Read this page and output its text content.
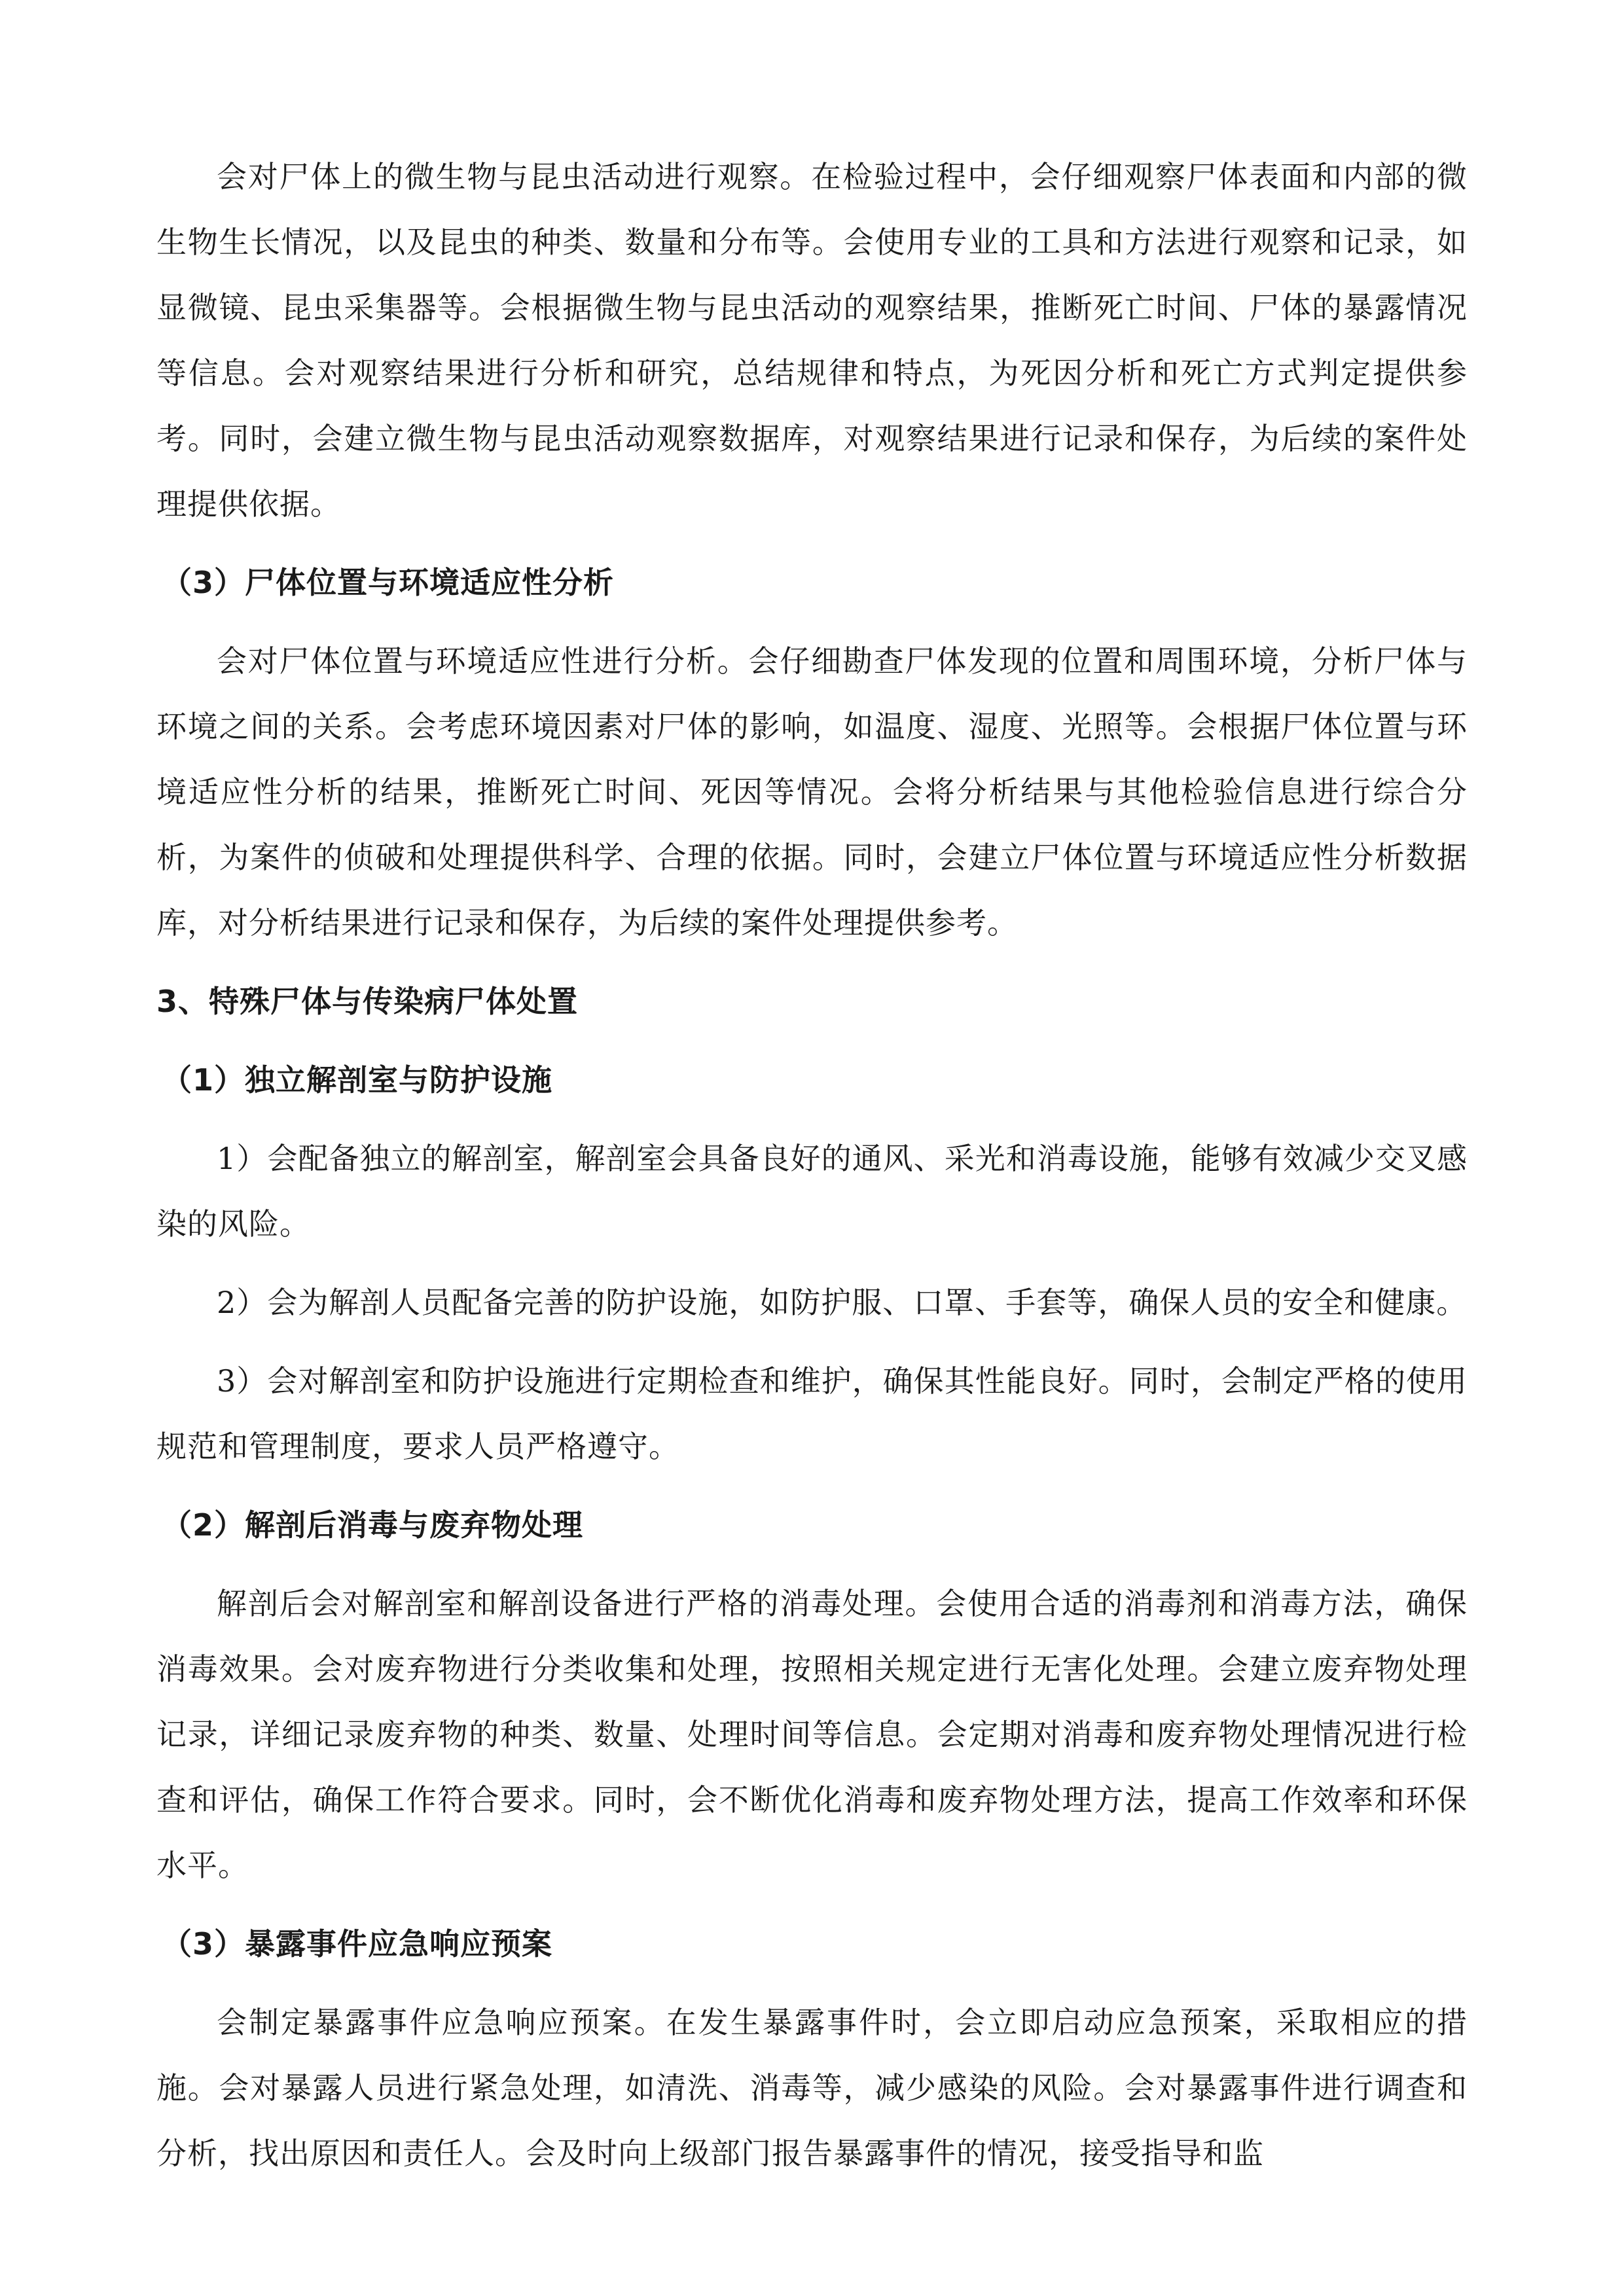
会对尸体上的微生物与昆虫活动进行观察。在检验过程中，会仔细观察尸体表面和内部的微生物生长情况，以及昆虫的种类、数量和分布等。会使用专业的工具和方法进行观察和记录，如显微镜、昆虫采集器等。会根据微生物与昆虫活动的观察结果，推断死亡时间、尸体的暴露情况等信息。会对观察结果进行分析和研究，总结规律和特点，为死因分析和死亡方式判定提供参考。同时，会建立微生物与昆虫活动观察数据库，对观察结果进行记录和保存，为后续的案件处理提供依据。

（3）尸体位置与环境适应性分析

会对尸体位置与环境适应性进行分析。会仔细勘查尸体发现的位置和周围环境，分析尸体与环境之间的关系。会考虑环境因素对尸体的影响，如温度、湿度、光照等。会根据尸体位置与环境适应性分析的结果，推断死亡时间、死因等情况。会将分析结果与其他检验信息进行综合分析，为案件的侦破和处理提供科学、合理的依据。同时，会建立尸体位置与环境适应性分析数据库，对分析结果进行记录和保存，为后续的案件处理提供参考。

3、特殊尸体与传染病尸体处置
（1）独立解剖室与防护设施

1）会配备独立的解剖室，解剖室会具备良好的通风、采光和消毒设施，能够有效减少交叉感染的风险。

2）会为解剖人员配备完善的防护设施，如防护服、口罩、手套等，确保人员的安全和健康。

3）会对解剖室和防护设施进行定期检查和维护，确保其性能良好。同时，会制定严格的使用规范和管理制度，要求人员严格遵守。

（2）解剖后消毒与废弃物处理

解剖后会对解剖室和解剖设备进行严格的消毒处理。会使用合适的消毒剂和消毒方法，确保消毒效果。会对废弃物进行分类收集和处理，按照相关规定进行无害化处理。会建立废弃物处理记录，详细记录废弃物的种类、数量、处理时间等信息。会定期对消毒和废弃物处理情况进行检查和评估，确保工作符合要求。同时，会不断优化消毒和废弃物处理方法，提高工作效率和环保水平。

（3）暴露事件应急响应预案

会制定暴露事件应急响应预案。在发生暴露事件时，会立即启动应急预案，采取相应的措施。会对暴露人员进行紧急处理，如清洗、消毒等，减少感染的风险。会对暴露事件进行调查和分析，找出原因和责任人。会及时向上级部门报告暴露事件的情况，接受指导和监
